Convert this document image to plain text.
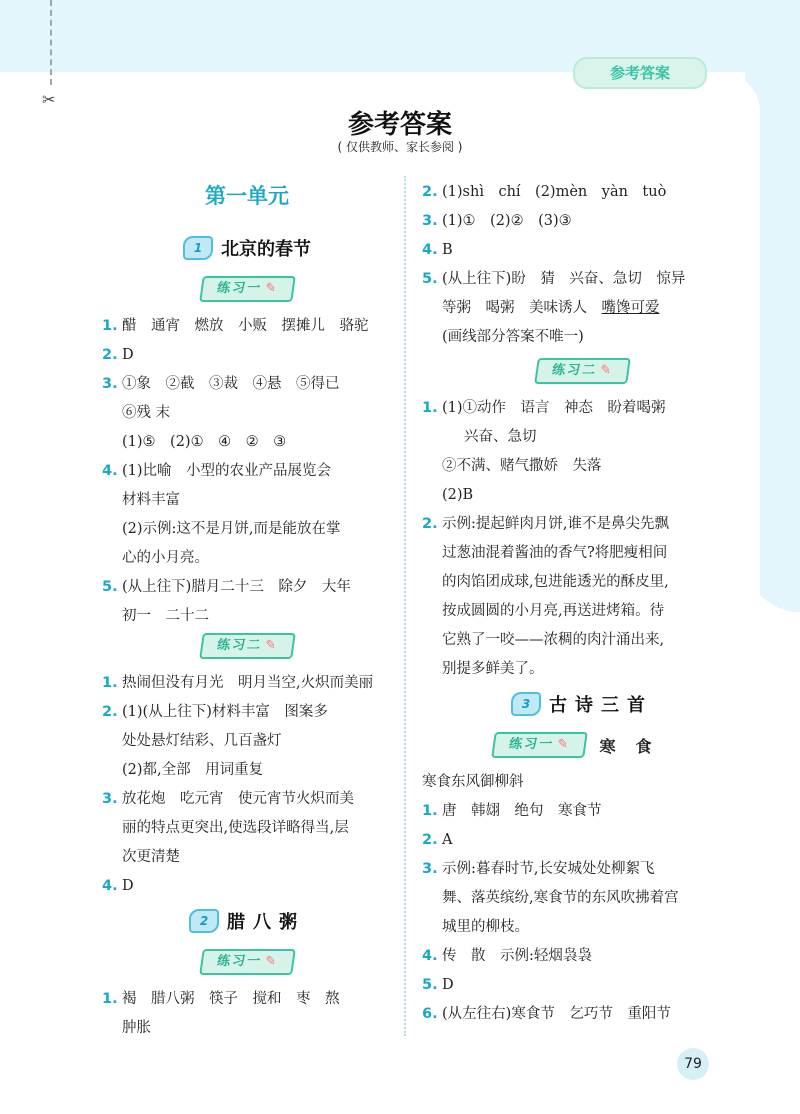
✂
参考答案
参考答案
( 仅供教师、家长参阅 )
第一单元
1	北京的春节
练习一✎
1. 醋　通宵　燃放　小贩　摆摊儿　骆驼
2. D
3. ①象　②截　③裁　④悬　⑤得已
⑥残 末
(1)⑤　(2)①　④　②　③
4. (1)比喻　小型的农业产品展览会
材料丰富
(2)示例:这不是月饼,而是能放在掌
心的小月亮。
5. (从上往下)腊月二十三　除夕　大年
初一　二十二
练习二✎
1. 热闹但没有月光　明月当空,火炽而美丽
2. (1)(从上往下)材料丰富　图案多
处处悬灯结彩、几百盏灯
(2)都,全部　用词重复
3. 放花炮　吃元宵　使元宵节火炽而美
丽的特点更突出,使选段详略得当,层
次更清楚
4. D
2	腊八粥
练习一✎
1. 褐　腊八粥　筷子　搅和　枣　熬
肿胀
2. (1)shì　chí　(2)mèn　yàn　tuò
3. (1)①　(2)②　(3)③
4. B
5. (从上往下)盼　猜　兴奋、急切　惊异
等粥　喝粥　美味诱人　嘴馋可爱
(画线部分答案不唯一)
练习二✎
1. (1)①动作　语言　神态　盼着喝粥
兴奋、急切
②不满、赌气撒娇　失落
(2)B
2. 示例:提起鲜肉月饼,谁不是鼻尖先飘
过葱油混着酱油的香气?将肥瘦相间
的肉馅团成球,包进能透光的酥皮里,
按成圆圆的小月亮,再送进烤箱。待
它熟了一咬——浓稠的肉汁涌出来,
别提多鲜美了。
3	古诗三首
练习一✎	寒食
寒食东风御柳斜
1. 唐　韩翃　绝句　寒食节
2. A
3. 示例:暮春时节,长安城处处柳絮飞
舞、落英缤纷,寒食节的东风吹拂着宫
城里的柳枝。
4. 传　散　示例:轻烟袅袅
5. D
6. (从左往右)寒食节　乞巧节　重阳节
79
